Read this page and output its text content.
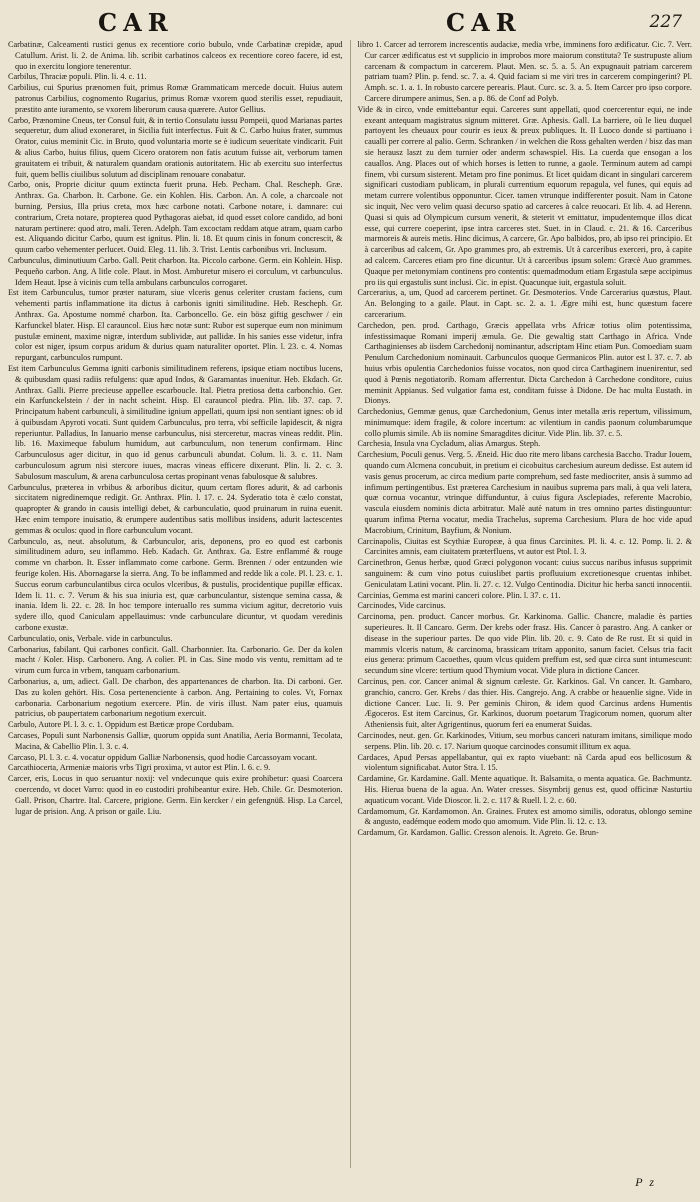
CAR	CAR	227

Carbatinæ, Calceamenti rustici genus ex recentiore corio bubulo, vnde Carbatinæ crepidæ, apud Catullum. Arist. li. 2. de Anima. lib. scribit carbatinos calceos ex recentiore coreo facere, id est, quo in exercitu longiore tenerentur.

Carbilus, Thraciæ populi. Plin. li. 4. c. 11.

Carbilius, cui Spurius prænomen fuit, primus Romæ Grammaticam mercede docuit. Huius autem patronus Carbilius, cognomento Rugarius, primus Romæ vxorem quod sterilis esset, repudiauit, præstito ante iuramento, se vxorem liberorum causa quærere. Autor Gellius.

Carbo, Prænomine Cneus, ter Consul fuit, & in tertio Consulatu iussu Pompeii, quod Marianas partes sequeretur, dum aliud exoneraret, in Sicilia fuit interfectus. Fuit & C. Carbo huius frater, summus Orator, cuius meminit Cic. in Bruto, quod voluntaria morte se è iudicum seueritate vindicarit. Fuit & alius Carbo, huius filius, quem Cicero oratorem non fatis acutum fuisse ait, verborum tamen grauitatem ei tribuit, & naturalem quandam orationis autoritatem. Hic ab exercitu suo interfectus fuit, quem bellis ciuilibus solutum ad disciplinam renouare conabatur.

Carbo, onis, Proprie dicitur quum extincta fuerit pruna. Heb. Pecham. Chal. Rescheph. Græ. Anthrax. Ga. Charbon. It. Carbone. Ge. ein Kohlen. His. Carbon. An. A cole, a charcoale not burning. Persius, Illa prius creta, mox hæc carbone notati. Carbone notare, i. damnare: cui contrarium, Creta notare, propterea quod Pythagoras aiebat, id quod esset colore candido, ad boni naturam pertinere: quod atro, mali. Teren. Adelph. Tam excoctam reddam atque atram, quam carbo est. Aliquando dicitur Carbo, quum est ignitus. Plin. li. 18. Et quum cinis in fonum concrescit, & quum carbo vehementer perlucet. Ouid. Eleg. 11. lib. 3. Trist. Lentis carbonibus vri. Inclusum.

Carbunculus, diminutiuum Carbo. Gall. Petit charbon. Ita. Piccolo carbone. Germ. ein Kohlein. Hisp. Pequeño carbon. Ang. A litle cole. Plaut. in Most. Amburetur misero ei corculum, vt carbunculus. Idem Heaut. Ipse à vicinis cum tella ambulans carbunculos corrogaret.

Est item Carbunculus, tumor præter naturam, siue vlceris genus celeriter crustam faciens, cum vehementi partis inflammatione ita dictus à carbonis igniti similitudine. Heb. Rescheph. Gr. Anthrax. Ga. Apostume nommé charbon. Ita. Carboncello. Ge. ein bösz giftig geschwer / ein Karfunckel blater. Hisp. El carauncol. Eius hæc notæ sunt: Rubor est superque eum non minimum pustulæ eminent, maxime nigræ, interdum sublividæ, aut pallidæ. In his sanies esse videtur, infra color est niger, ipsum corpus aridum & durius quam naturaliter oportet. Plin. l. 23. c. 4. Nomas repurgant, carbunculos rumpunt.

Est item Carbunculus Gemma igniti carbonis similitudinem referens, ipsique etiam noctibus lucens, & quibusdam quasi radiis refulgens: quæ apud Indos, & Garamantas inuenitur. Heb. Ekdach. Gr. Anthrax. Galli. Pierre precieuse appellee escarboucle. Ital. Pietra pretiosa detta carbonchio. Ger. ein Karfunckelstein / der in nacht scheint. Hisp. El carauncol piedra. Plin. lib. 37. cap. 7. Principatum habent carbunculi, à similitudine ignium appellati, quum ipsi non sentiant ignes: ob id à quibusdam Apyroti vocati. Sunt quidem Carbunculus, pro terra, vbi sefficile lapidescit, & nigra reperiuntur. Palladius, In Ianuario mense carbunculus, nisi sterceretur, macras vineas reddit. Plin. lib. 16. Maximeque fabulum humidum, aut carbunculum, non tenerum confirmam. Hinc Carbunculosus ager dicitur, in quo id genus carbunculi abundat. Colum. li. 3. c. 11. Nam carbunculosum agrum nisi stercore iuues, macras vineas efficere dixerunt. Plin. li. 2. c. 3. Sabulosum masculum, & arena carbunculosa certas propinant venas fabulosque & salubres.

Carbunculus, præterea in vrbibus & arboribus dicitur, quum certam flores adurit, & ad carbonis siccitatem nigredinemque redigit. Gr. Anthrax. Plin. l. 17. c. 24. Syderatio tota è cælo constat, quapropter & grando in causis intelligi debet, & carbunculatio, quod pruinarum in ruina euenit. Hæc enim tempore inuisatio, & erumpere audentibus satis mollibus insidens, adurit lactescentes gemmas & oculos: quod in flore carbunculum vocant.

Carbunculo, as, neut. absolutum, & Carbunculor, aris, deponens, pro eo quod est carbonis similitudinem aduro, seu inflammo. Heb. Kadach. Gr. Anthrax. Ga. Estre enflammé & rouge comme vn charbon. It. Esser inflammato come carbone. Germ. Brennen / oder entzunden wie feurige kolen. His. Abornagarse la sierra. Ang. To be inflammed and redde lik a cole. Pl. l. 23. c. 1. Succus eorum carbunculantibus circa oculos vlceribus, & pustulis, procidentique pupillæ efficax. Idem li. 11. c. 7. Verum & his sua iniuria est, quæ carbunculantur, sistenque semina cassa, & inania. Idem li. 22. c. 28. In hoc tempore interuallo res summa vicium agitur, decretorio vuis sydere illo, quod Caniculam appellauimus: vnde carbunculare dicuntur, vt quodam veredinis carbone exustæ.

Carbunculatio, onis, Verbale. vide in carbunculus.

Carbonarius, fabilant. Qui carbones conficit. Gall. Charbonnier. Ita. Carbonario. Ge. Der da kolen macht / Koler. Hisp. Carbonero. Ang. A colier. Pl. in Cas. Sine modo vis ventu, remittam ad te virum cum furca in vrbem, tanquam carbonarium.

Carbonarius, a, um, adiect. Gall. De charbon, des appartenances de charbon. Ita. Di carboni. Ger. Das zu kolen gehört. His. Cosa pertenenciente à carbon. Ang. Pertaining to coles. Vt, Fornax carbonaria. Carbonarium negotium exercere. Plin. de viris illust. Nam pater eius, quamuis patricius, ob paupertatem carbonarium negotium exercuit.

Carbulo, Autore Pl. l. 3. c. 1. Oppidum est Bæticæ prope Cordubam.

Carcases, Populi sunt Narbonensis Galliæ, quorum oppida sunt Anatilia, Aeria Bormanni, Tecolata, Macina, & Cabellio Plin. l. 3. c. 4.

Carcaso, Pl. l. 3. c. 4. vocatur oppidum Galliæ Narbonensis, quod hodie Carcassoyam vocant.

Carcathiocerta, Armeniæ maioris vrbs Tigri proxima, vt autor est Plin. l. 6. c. 9.

Carcer, eris, Locus in quo seruantur noxij: vel vndecunque quis exire prohibetur: quasi Coarcera coercendo, vt docet Varro: quod in eo custodiri prohibeantur exire. Heb. Chile. Gr. Desmoterion. Gall. Prison, Chartre. Ital. Carcere, prigione. Germ. Ein kercker / ein gefengnüß. Hisp. La Carcel, lugar de prision. Ang. A prison or gaile. Liu.

libro 1. Carcer ad terrorem increscentis audaciæ, media vrbe, imminens foro ædificatur. Cic. 7. Verr. Cur carcer ædificatus est vt supplicio in improbos more maiorum constituta? Te sustrupuste alium carcenam & compactum in carcerem. Plaut. Men. sc. 5. a. 5. An expugnauit patriam carcerem patriam tuam? Plin. p. fend. sc. 7. a. 4. Quid faciam si me viri tres in carcerem compingerint? Pl. Amph. sc. 1. a. 1. In robusto carcere perearis. Plaut. Curc. sc. 3. a. 5. Item Carcer pro ipso corpore. Carcere dirumpere animus, Sen. a p. 86. de Conf ad Polyb.

Vide & in circo, vnde emittebantur equi. Carceres sunt appellati, quod coercerentur equi, ne inde exeant antequam magistratus signum mitteret. Græ. Aphesis. Gall. La barriere, où le lieu duquel partoyent les cheuaux pour courir es ieux & preux publiques. It. Il Luoco donde si partiuano i caualli per correre al palio. Germ. Schranken / in welchen die Ross gehalten werden / bisz das man sie herausz laszt zu dem turnier oder anderm schawspiel. His. La cuerda que ensogan a los cauallos. Ang. Places out of which horses is letten to runne, a gaole. Terminum autem ad campi finem, vbi cursum sisterent. Metam pro fine ponimus. Et licet quidam dicant in singulari carcerem significari custodiam publicam, in plurali currentium equorum repagula, vel funes, qui equis ad metam currere volentibus opponuntur. Cicer. tamen vtrunque indifferenter posuit. Nam in Catone sic inquit, Nec vero velim quasi decurso spatio ad carceres à calce reuocari. Et lib. 4. ad Herenn. Quasi si quis ad Olympicum cursum venerit, & steterit vt emittatur, impudentemque illos dicat esse, qui currere coeperint, ipse intra carceres stet. Suet. in in Claud. c. 21. & 16. Carceribus marmoreis & aureis metis. Hinc dicimus, A carcere, Gr. Apo balbidos, pro, ab ipso rei principio. Et à carceribus ad calcem, Gr. Apo grammes pro, ab extremis. Ut à carceribus exerceri, pro, à capite ad calcem. Carceres etiam pro fine dicuntur. Ut à carceribus ipsum solem: Græcè Auo grammes. Quaque per metonymiam continens pro contentis: quemadmodum etiam Ergastula sæpe accipimus pro iis qui ergastulis sunt inclusi. Cic. in epist. Quacunque iuit, ergastula soluit.

Carcerarius, a, um, Quod ad carcerem pertinet. Gr. Desmoterios. Vnde Carcerarius quæstus, Plaut. An. Belonging to a gaile. Plaut. in Capt. sc. 2. a. 1. Ægre mihi est, hunc quæstum facere carcerarium.

Carchedon, pen. prod. Carthago, Græcis appellata vrbs Africæ totius olim potentissima, infestissimaque Romani imperij æmula. Ge. Die gewaltig statt Carthago in Africa. Vnde Carthaginienses ab iisdem Carchedonij nominantur, adscriptam Hinc etiam Pun. Comoediam suam Penulum Carchedonium nominauit. Carbunculos quoque Germanicos Plin. autor est l. 37. c. 7. ab huius vrbis opulentia Carchedonios fuisse vocatos, non quod circa Carthaginem inuenirentur, sed quod à Pœnis negotiatorib. Romam afferrentur. Dicta Carchedon à Carchedone conditore, cuius meminit Appianus. Sed vulgatior fama est, conditam fuisse à Didone. De hac multa Eustath. in Dionys.

Carchedonius, Gemmæ genus, quæ Carchedonium, Genus inter metalla æris repertum, vilissimum, minimumque: idem fragile, & colore incertum: ac vilentium in candis paonum columbarumque collo plumis simile. Ab iis nomine Smaragdites dicitur. Vide Plin. lib. 37. c. 5.

Carchesia, Insula vna Cycladum, alias Amargus. Steph.

Carchesium, Poculi genus. Verg. 5. Æneid. Hic duo rite mero libans carchesia Baccho. Tradur Iouem, quando cum Alcmena concubuit, in pretium ei cicobuitus carchesium aureum dedisse. Est autem id vasis genus procerum, ac circa medium parte comprehum, sed faste mediocriter, ansis à summo ad infimum pertingentibus. Est præterea Carchesium in nauibus suprema pars mali, à qua veli latera, quæ cornua vocantur, vtrinque diffunduntur, à cuius figura Asclepiades, referente Macrobio, vascula eiusdem nominis dicta arbitratur. Malè autè natum in tres omnino partes distinguuntur: quarum infima Pterna vocatur, media Trachelus, suprema Carchesium. Plura de hoc vide apud Macrobium, Crinitum, Bayfium, & Nonium.

Carcinapolis, Ciuitas est Scythiæ Europeæ, à qua finus Carcinites. Pl. li. 4. c. 12. Pomp. li. 2. & Carcinites amnis, eam ciuitatem præterfluens, vt autor est Ptol. l. 3.

Carcinethron, Genus herbæ, quod Græci polygonon vocant: cuius succus naribus infusus supprimit sanguinem: & cum vino potus cuiuslibet partis profluuium excretionesque cruentas inhibet. Geniculatam Latini vocant. Plin. li. 27. c. 12. Vulgo Centinodia. Dicitur hic herba sancti innocentii.

Carcinias, Gemma est marini canceri colore. Plin. l. 37. c. 11.

Carcinodes, Vide carcinus.

Carcinoma, pen. product. Cancer morbus. Gr. Karkinoma. Gallic. Chancre, maladie ès parties superieures. It. Il Cancaro. Germ. Der krebs oder frasz. His. Cancer ò parastro. Ang. A canker or disease in the superiour partes. De quo vide Plin. lib. 20. c. 9. Cato de Re rust. Et si quid in mammis vlceris natum, & carcinoma, brassicam tritam apponito, sanum faciet. Celsus tria facit eius genera: primum Cacoethes, quum vlcus quidem preffum est, sed quæ circa sunt intumescunt: secundum sine vlcere: tertium quod Thymium vocat. Vide plura in dictione Cancer.

Carcinus, pen. cor. Cancer animal & signum cæleste. Gr. Karkinos. Gal. Vn cancer. It. Gambaro, granchio, cancro. Ger. Krebs / das thier. His. Cangrejo. Ang. A crabbe or heauenlie signe. Vide in dictione Cancer. Luc. li. 9. Per geminis Chiron, & idem quod Carcinus ardens Humentis Ægoceros. Est item Carcinus, Gr. Karkinos, duorum poetarum Tragicorum nomen, quorum alter Atheniensis fuit, alter Agrigentinus, quorum feri ea enumerat Suidas.

Carcinodes, neut. gen. Gr. Karkinodes, Vitium, seu morbus canceri naturam imitans, similique modo serpens. Plin. lib. 20. c. 17. Narium quoque carcinodes consumit illitum ex aqua.

Cardaces, Apud Persas appellabantur, qui ex rapto viuebant: nã Carda apud eos bellicosum & violentum significabat. Autor Stra. l. 15.

Cardamine, Gr. Kardamine. Gall. Mente aquatique. It. Balsamita, o menta aquatica. Ge. Bachmuntz. His. Hierua buena de la agua. An. Water cresses. Sisymbrij genus est, quod officinæ Nasturtiu aquaticum vocant. Vide Dioscor. li. 2. c. 117 & Ruell. l. 2. c. 60.

Cardamomum, Gr. Kardamomon. An. Graines. Frutex est amomo similis, odoratus, oblongo semine & angusto, eadémque eodem modo quo amomum. Vide Plin. li. 12. c. 13.

Cardamum, Gr. Kardamon. Gallic. Cresson alenois. It. Agreto. Ge. Brun-

P z
